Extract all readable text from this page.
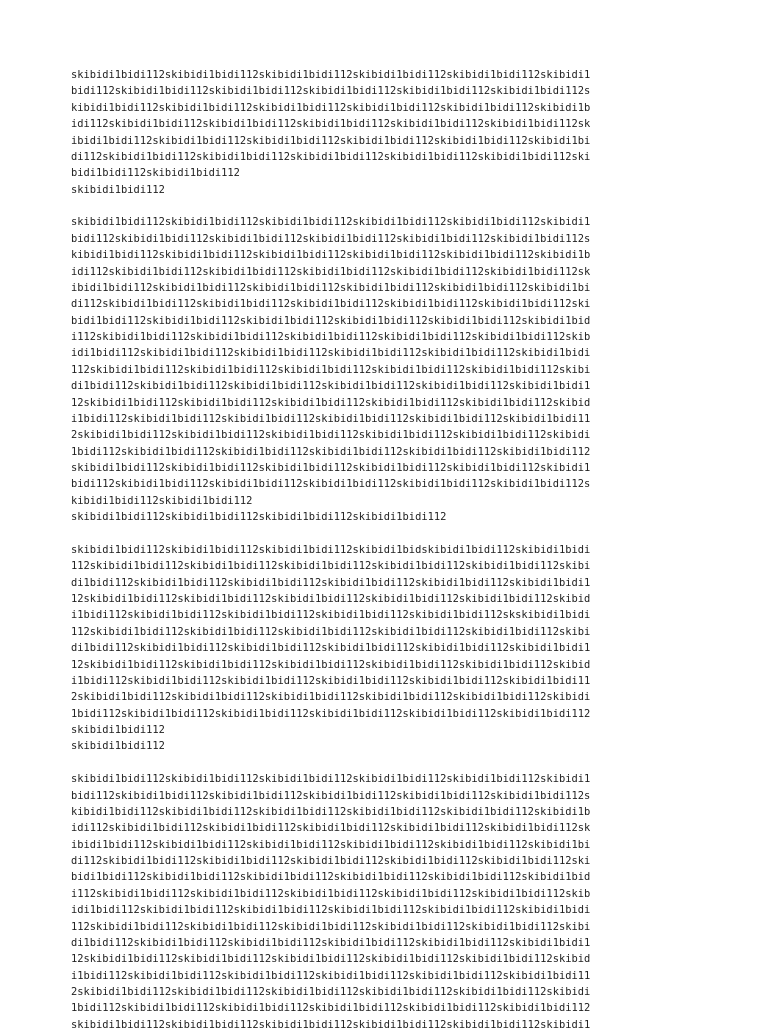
skibidi1bidi112skibidi1bidi112skibidi1bidi112skibidi1bidi112skibidi1bidi112skibidi1
bidi112skibidi1bidi112skibidi1bidi112skibidi1bidi112skibidi1bidi112skibidi1bidi112s
kibidi1bidi112skibidi1bidi112skibidi1bidi112skibidi1bidi112skibidi1bidi112skibidi1b
idi112skibidi1bidi112skibidi1bidi112skibidi1bidi112skibidi1bidi112skibidi1bidi112sk
ibidi1bidi112skibidi1bidi112skibidi1bidi112skibidi1bidi112skibidi1bidi112skibidi1bi
di112skibidi1bidi112skibidi1bidi112skibidi1bidi112skibidi1bidi112skibidi1bidi112ski
bidi1bidi112skibidi1bidi112
skibidi1bidi112
skibidi1bidi112skibidi1bidi112skibidi1bidi112skibidi1bidi112skibidi1bidi112skibidi1
bidi112skibidi1bidi112skibidi1bidi112skibidi1bidi112skibidi1bidi112skibidi1bidi112s
kibidi1bidi112skibidi1bidi112skibidi1bidi112skibidi1bidi112skibidi1bidi112skibidi1b
idi112skibidi1bidi112skibidi1bidi112skibidi1bidi112skibidi1bidi112skibidi1bidi112sk
ibidi1bidi112skibidi1bidi112skibidi1bidi112skibidi1bidi112skibidi1bidi112skibidi1bi
di112skibidi1bidi112skibidi1bidi112skibidi1bidi112skibidi1bidi112skibidi1bidi112ski
bidi1bidi112skibidi1bidi112skibidi1bidi112skibidi1bidi112skibidi1bidi112skibidi1bid
i112skibidi1bidi112skibidi1bidi112skibidi1bidi112skibidi1bidi112skibidi1bidi112skib
idi1bidi112skibidi1bidi112skibidi1bidi112skibidi1bidi112skibidi1bidi112skibidi1bidi
112skibidi1bidi112skibidi1bidi112skibidi1bidi112skibidi1bidi112skibidi1bidi112skibi
di1bidi112skibidi1bidi112skibidi1bidi112skibidi1bidi112skibidi1bidi112skibidi1bidi1
12skibidi1bidi112skibidi1bidi112skibidi1bidi112skibidi1bidi112skibidi1bidi112skibid
i1bidi112skibidi1bidi112skibidi1bidi112skibidi1bidi112skibidi1bidi112skibidi1bidi11
2skibidi1bidi112skibidi1bidi112skibidi1bidi112skibidi1bidi112skibidi1bidi112skibidi
1bidi112skibidi1bidi112skibidi1bidi112skibidi1bidi112skibidi1bidi112skibidi1bidi112
skibidi1bidi112skibidi1bidi112skibidi1bidi112skibidi1bidi112skibidi1bidi112skibidi1
bidi112skibidi1bidi112skibidi1bidi112skibidi1bidi112skibidi1bidi112skibidi1bidi112s
kibidi1bidi112skibidi1bidi112
skibidi1bidi112skibidi1bidi112skibidi1bidi112skibidi1bidi112
skibidi1bidi112skibidi1bidi112skibidi1bidi112skibidi1bidskibidi1bidi112skibidi1bidi
112skibidi1bidi112skibidi1bidi112skibidi1bidi112skibidi1bidi112skibidi1bidi112skibi
di1bidi112skibidi1bidi112skibidi1bidi112skibidi1bidi112skibidi1bidi112skibidi1bidi1
12skibidi1bidi112skibidi1bidi112skibidi1bidi112skibidi1bidi112skibidi1bidi112skibid
i1bidi112skibidi1bidi112skibidi1bidi112skibidi1bidi112skibidi1bidi112skskibidi1bidi
112skibidi1bidi112skibidi1bidi112skibidi1bidi112skibidi1bidi112skibidi1bidi112skibi
di1bidi112skibidi1bidi112skibidi1bidi112skibidi1bidi112skibidi1bidi112skibidi1bidi1
12skibidi1bidi112skibidi1bidi112skibidi1bidi112skibidi1bidi112skibidi1bidi112skibid
i1bidi112skibidi1bidi112skibidi1bidi112skibidi1bidi112skibidi1bidi112skibidi1bidi11
2skibidi1bidi112skibidi1bidi112skibidi1bidi112skibidi1bidi112skibidi1bidi112skibidi
1bidi112skibidi1bidi112skibidi1bidi112skibidi1bidi112skibidi1bidi112skibidi1bidi112
skibidi1bidi112
skibidi1bidi112
skibidi1bidi112skibidi1bidi112skibidi1bidi112skibidi1bidi112skibidi1bidi112skibidi1
bidi112skibidi1bidi112skibidi1bidi112skibidi1bidi112skibidi1bidi112skibidi1bidi112s
kibidi1bidi112skibidi1bidi112skibidi1bidi112skibidi1bidi112skibidi1bidi112skibidi1b
idi112skibidi1bidi112skibidi1bidi112skibidi1bidi112skibidi1bidi112skibidi1bidi112sk
ibidi1bidi112skibidi1bidi112skibidi1bidi112skibidi1bidi112skibidi1bidi112skibidi1bi
di112skibidi1bidi112skibidi1bidi112skibidi1bidi112skibidi1bidi112skibidi1bidi112ski
bidi1bidi112skibidi1bidi112skibidi1bidi112skibidi1bidi112skibidi1bidi112skibidi1bid
i112skibidi1bidi112skibidi1bidi112skibidi1bidi112skibidi1bidi112skibidi1bidi112skib
idi1bidi112skibidi1bidi112skibidi1bidi112skibidi1bidi112skibidi1bidi112skibidi1bidi
112skibidi1bidi112skibidi1bidi112skibidi1bidi112skibidi1bidi112skibidi1bidi112skibi
di1bidi112skibidi1bidi112skibidi1bidi112skibidi1bidi112skibidi1bidi112skibidi1bidi1
12skibidi1bidi112skibidi1bidi112skibidi1bidi112skibidi1bidi112skibidi1bidi112skibid
i1bidi112skibidi1bidi112skibidi1bidi112skibidi1bidi112skibidi1bidi112skibidi1bidi11
2skibidi1bidi112skibidi1bidi112skibidi1bidi112skibidi1bidi112skibidi1bidi112skibidi
1bidi112skibidi1bidi112skibidi1bidi112skibidi1bidi112skibidi1bidi112skibidi1bidi112
skibidi1bidi112skibidi1bidi112skibidi1bidi112skibidi1bidi112skibidi1bidi112skibidi1
